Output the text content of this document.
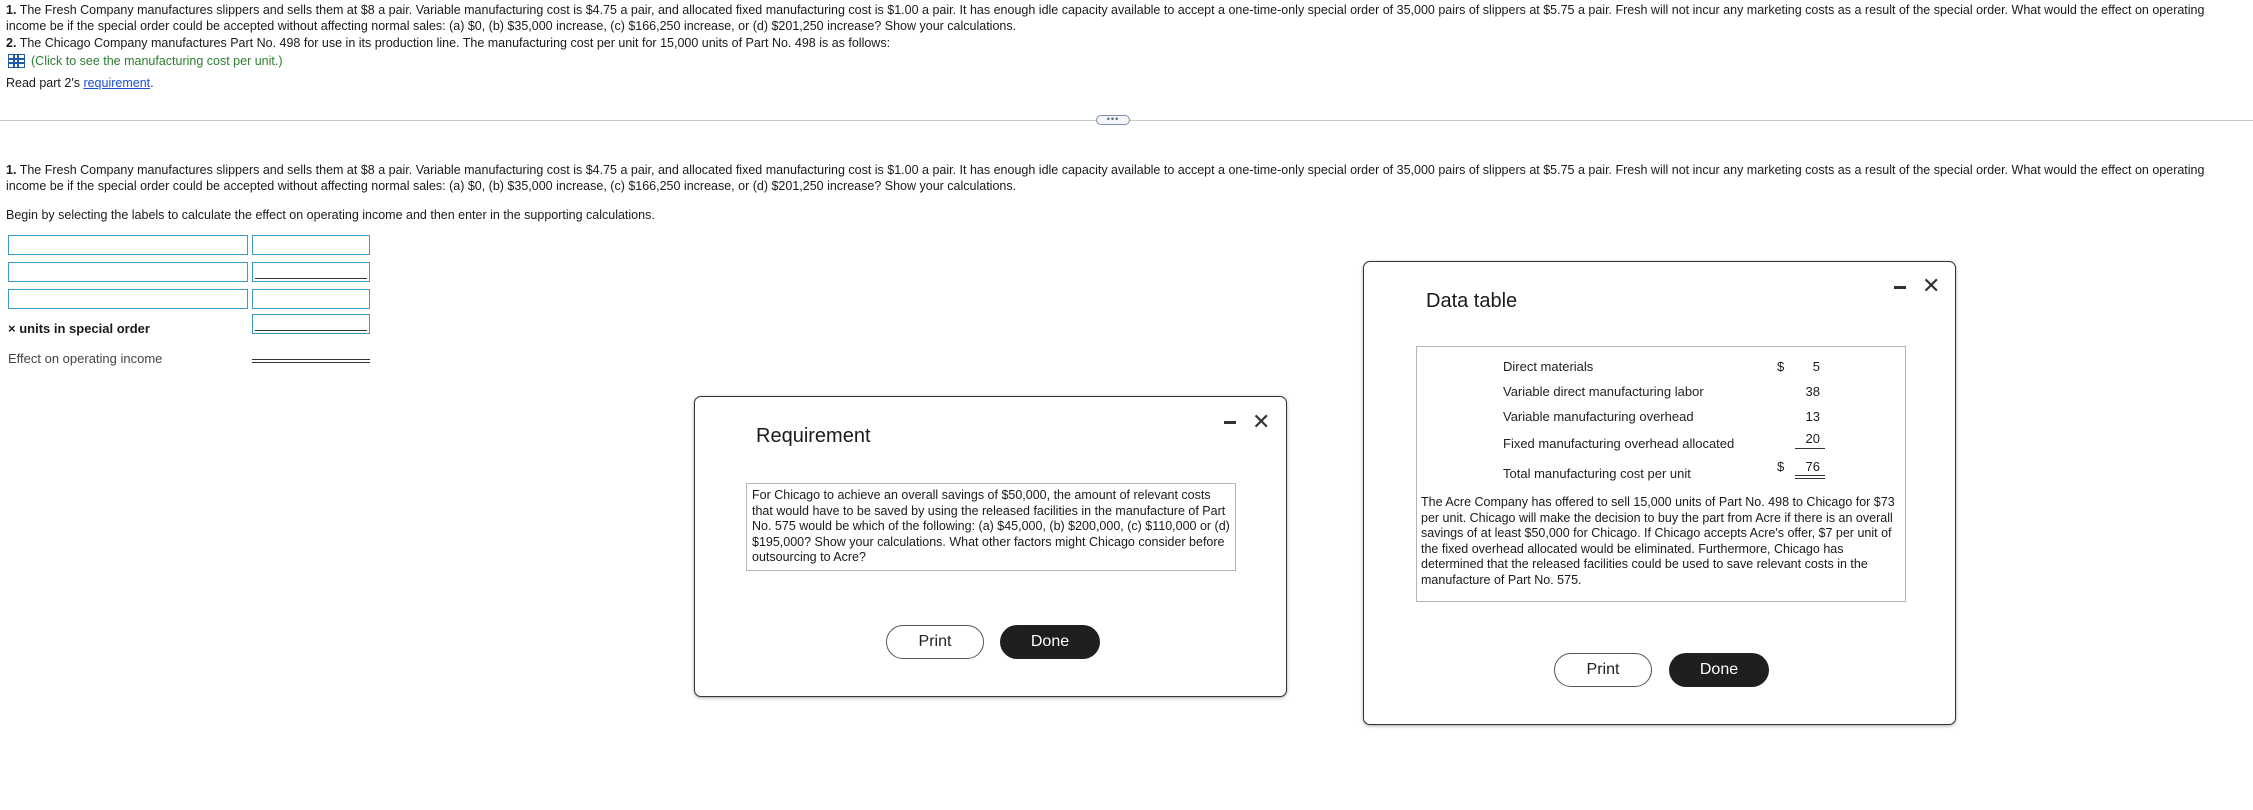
1. The Fresh Company manufactures slippers and sells them at $8 a pair. Variable manufacturing cost is $4.75 a pair, and allocated fixed manufacturing cost is $1.00 a pair. It has enough idle capacity available to accept a one-time-only special order of 35,000 pairs of slippers at $5.75 a pair. Fresh will not incur any marketing costs as a result of the special order. What would the effect on operating income be if the special order could be accepted without affecting normal sales: (a) $0, (b) $35,000 increase, (c) $166,250 increase, or (d) $201,250 increase? Show your calculations.
2. The Chicago Company manufactures Part No. 498 for use in its production line. The manufacturing cost per unit for 15,000 units of Part No. 498 is as follows:
(Click to see the manufacturing cost per unit.)
Read part 2's requirement.
•••
1. The Fresh Company manufactures slippers and sells them at $8 a pair. Variable manufacturing cost is $4.75 a pair, and allocated fixed manufacturing cost is $1.00 a pair. It has enough idle capacity available to accept a one-time-only special order of 35,000 pairs of slippers at $5.75 a pair. Fresh will not incur any marketing costs as a result of the special order. What would the effect on operating income be if the special order could be accepted without affecting normal sales: (a) $0, (b) $35,000 increase, (c) $166,250 increase, or (d) $201,250 increase? Show your calculations.
Begin by selecting the labels to calculate the effect on operating income and then enter in the supporting calculations.
× units in special order
Effect on operating income
Requirement
✕
For Chicago to achieve an overall savings of $50,000, the amount of relevant costs that would have to be saved by using the released facilities in the manufacture of Part No. 575 would be which of the following: (a) $45,000, (b) $200,000, (c) $110,000 or (d) $195,000? Show your calculations. What other factors might Chicago consider before outsourcing to Acre?
Print	Done
Data table
✕
Direct materials	$	5
Variable direct manufacturing labor	38
Variable manufacturing overhead	13
Fixed manufacturing overhead allocated	20
Total manufacturing cost per unit	$	76
The Acre Company has offered to sell 15,000 units of Part No. 498 to Chicago for $73 per unit. Chicago will make the decision to buy the part from Acre if there is an overall savings of at least $50,000 for Chicago. If Chicago accepts Acre's offer, $7 per unit of the fixed overhead allocated would be eliminated. Furthermore, Chicago has determined that the released facilities could be used to save relevant costs in the manufacture of Part No. 575.
Print	Done
